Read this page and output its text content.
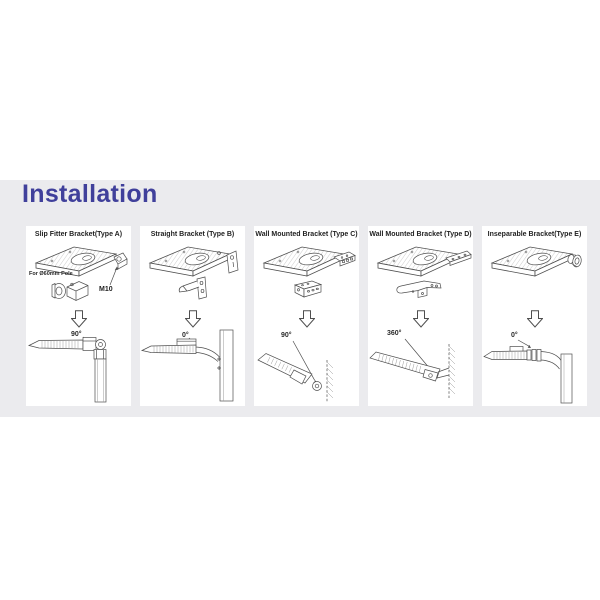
Installation
Slip Fitter Bracket(Type A)
For Ø60mm Pole
M10
90°
Straight Bracket (Type B)
0°
Wall Mounted Bracket (Type C)
90°
Wall Mounted Bracket (Type D)
360°
Inseparable Bracket(Type E)
0°
